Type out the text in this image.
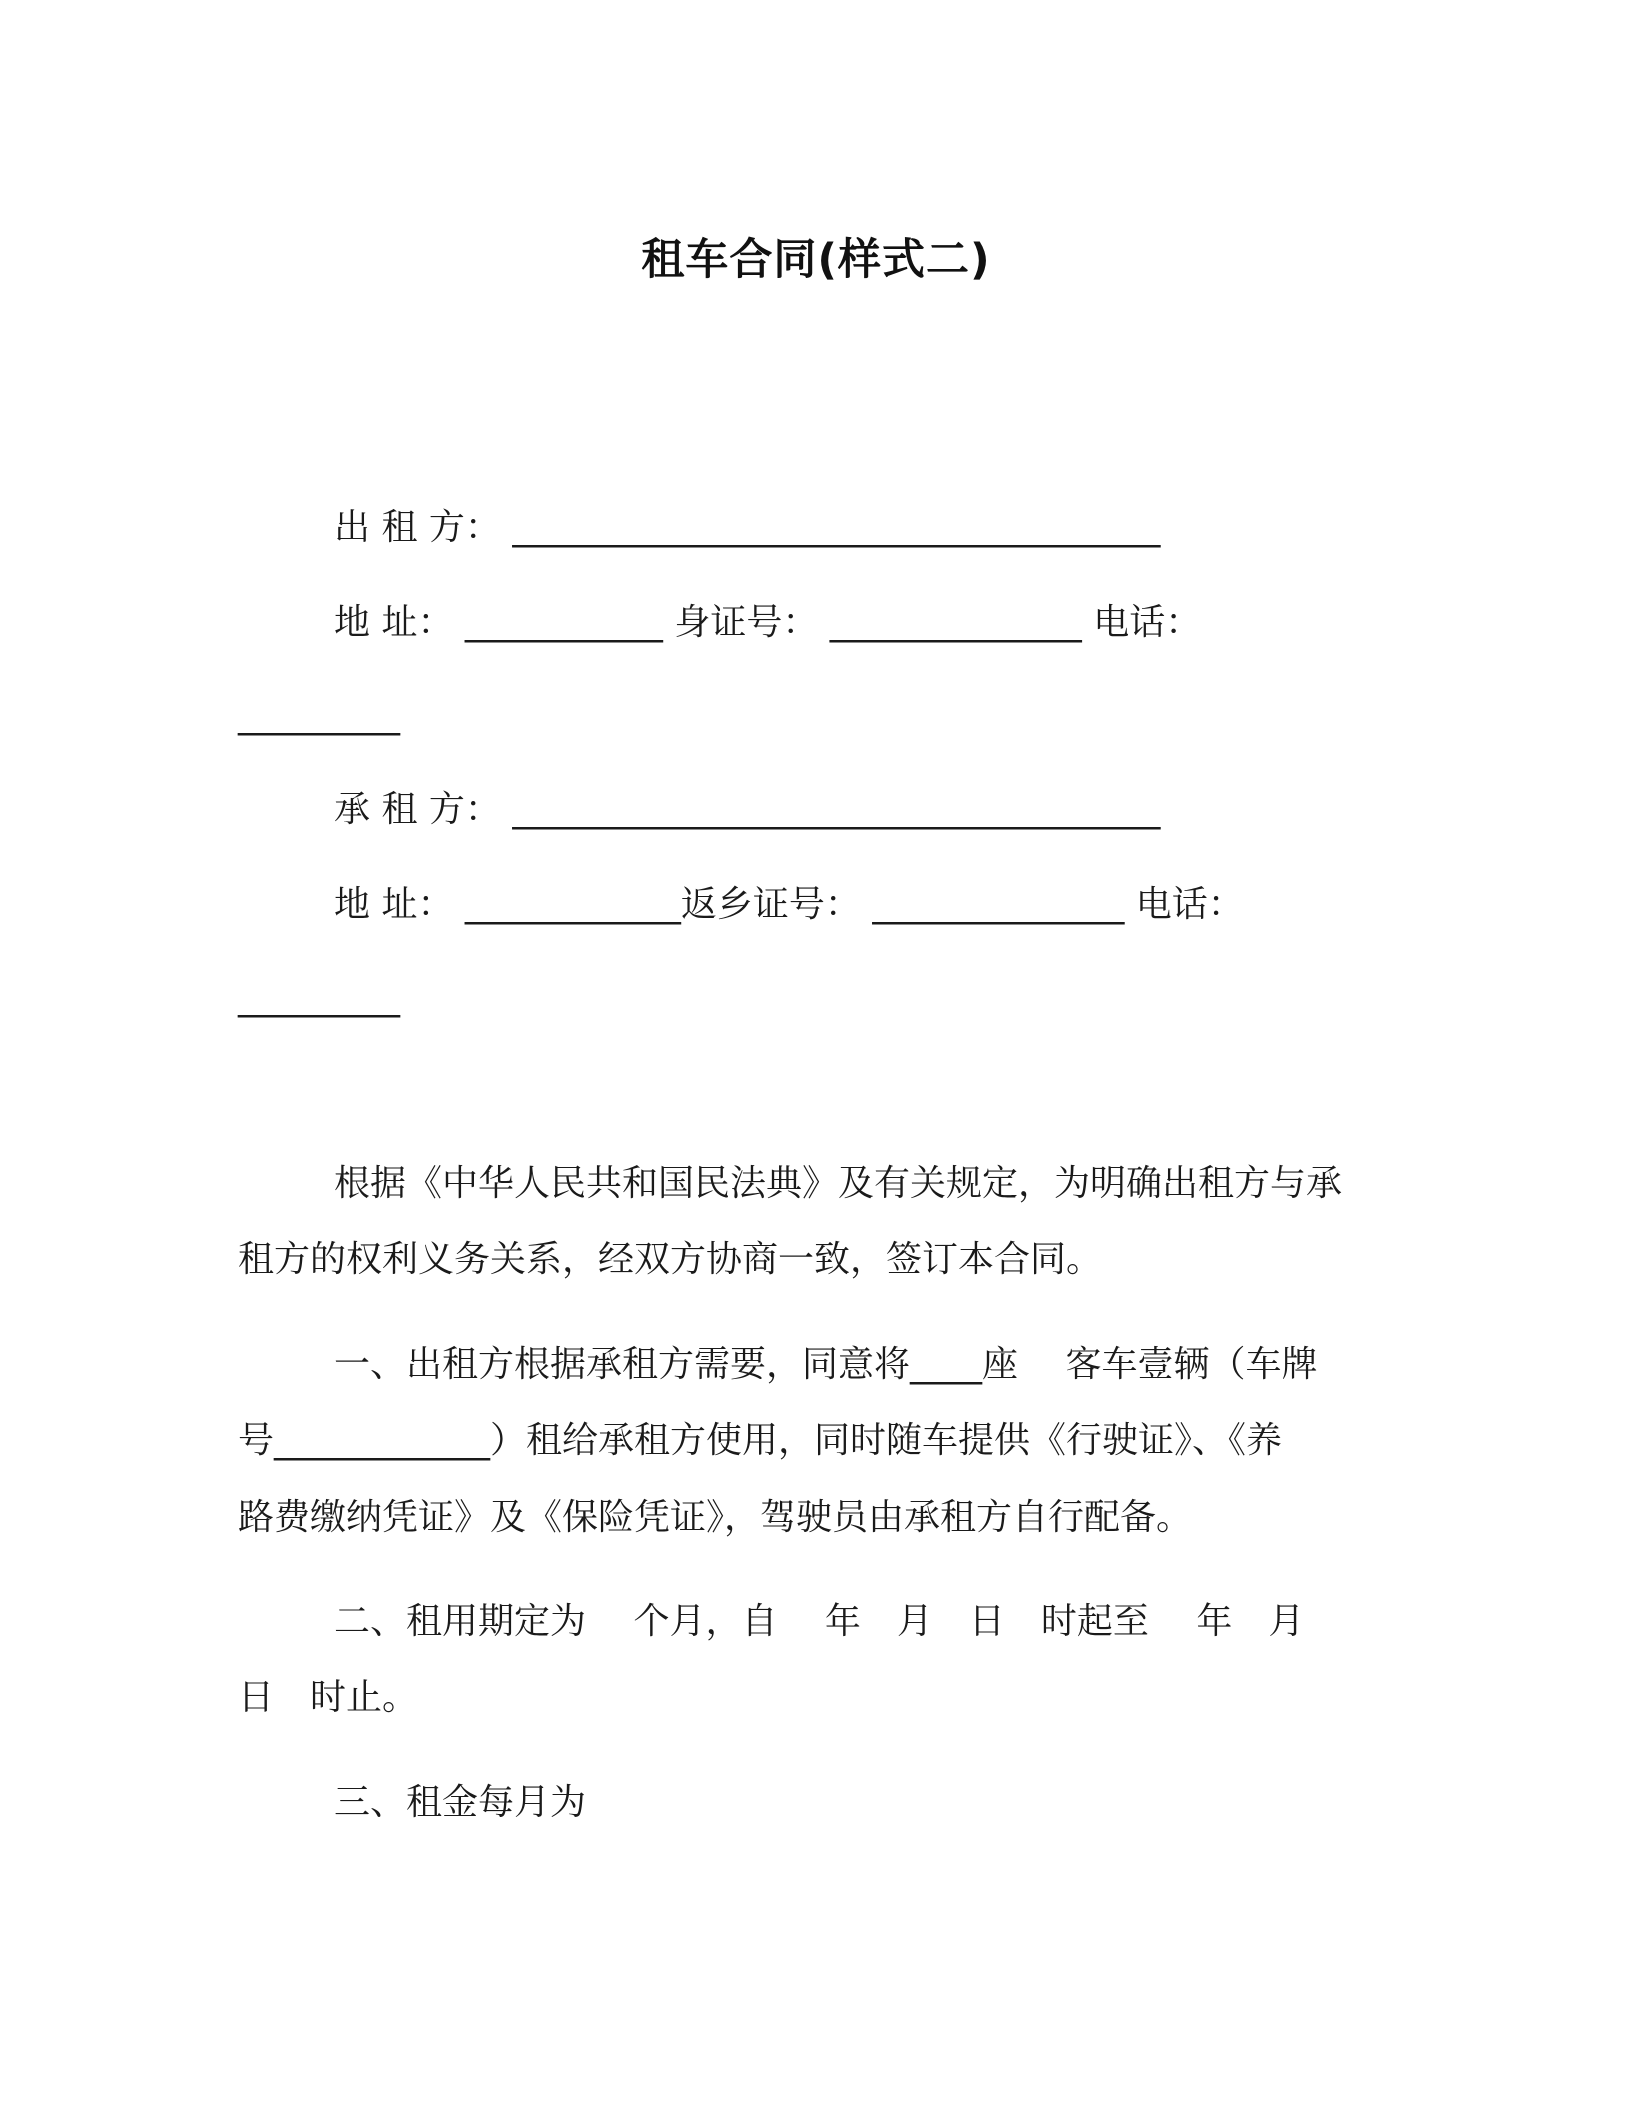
租车合同(样式二)
出 租 方： ____________________________________
地 址： ___________ 身证号： ______________ 电话：
_________
承 租 方： ____________________________________
地 址： ____________返乡证号： ______________ 电话：
_________
根据《中华人民共和国民法典》及有关规定，为明确出租方与承
租方的权利义务关系，经双方协商一致，签订本合同。
一、出租方根据承租方需要，同意将____座 　客车壹辆（车牌
号____________）租给承租方使用，同时随车提供《行驶证》、《养
路费缴纳凭证》及《保险凭证》，驾驶员由承租方自行配备。
二、租用期定为　 个月，自　 年　月　日　时起至　 年　月
日　时止。
三、租金每月为
